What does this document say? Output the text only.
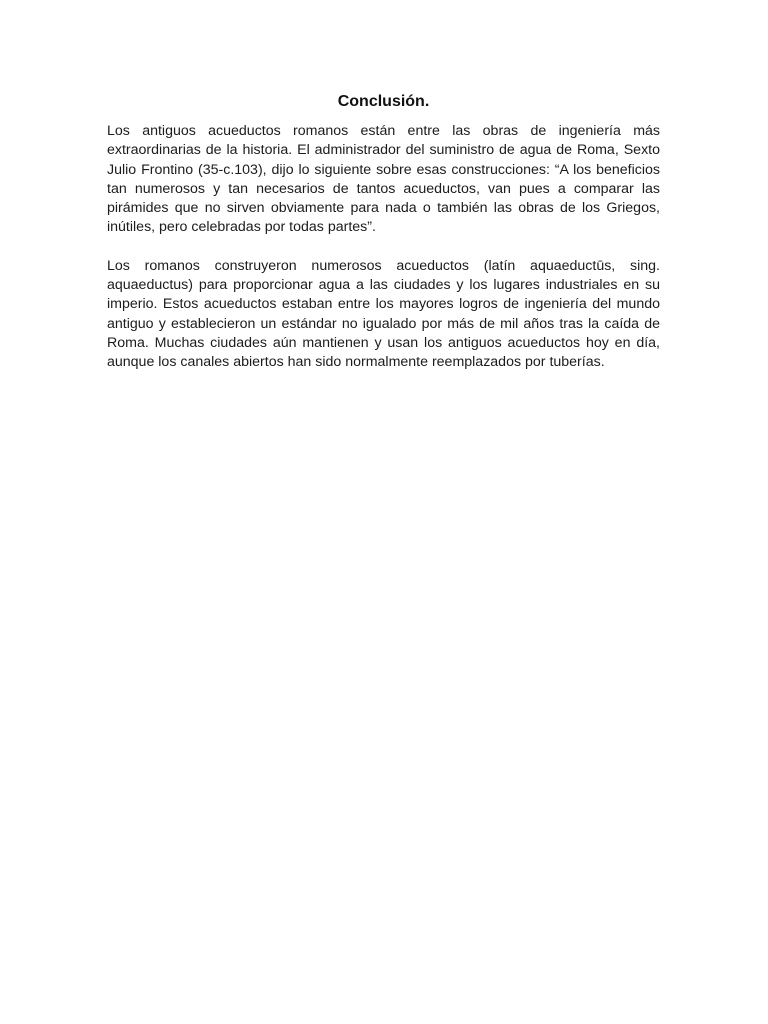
Conclusión.

Los antiguos acueductos romanos están entre las obras de ingeniería más extraordinarias de la historia. El administrador del suministro de agua de Roma, Sexto Julio Frontino (35-c.103), dijo lo siguiente sobre esas construcciones: “A los beneficios tan numerosos y tan necesarios de tantos acueductos, van pues a comparar las pirámides que no sirven obviamente para nada o también las obras de los Griegos, inútiles, pero celebradas por todas partes”.

Los romanos construyeron numerosos acueductos (latín aquaeductūs, sing. aquaeductus) para proporcionar agua a las ciudades y los lugares industriales en su imperio. Estos acueductos estaban entre los mayores logros de ingeniería del mundo antiguo y establecieron un estándar no igualado por más de mil años tras la caída de Roma. Muchas ciudades aún mantienen y usan los antiguos acueductos hoy en día, aunque los canales abiertos han sido normalmente reemplazados por tuberías.
